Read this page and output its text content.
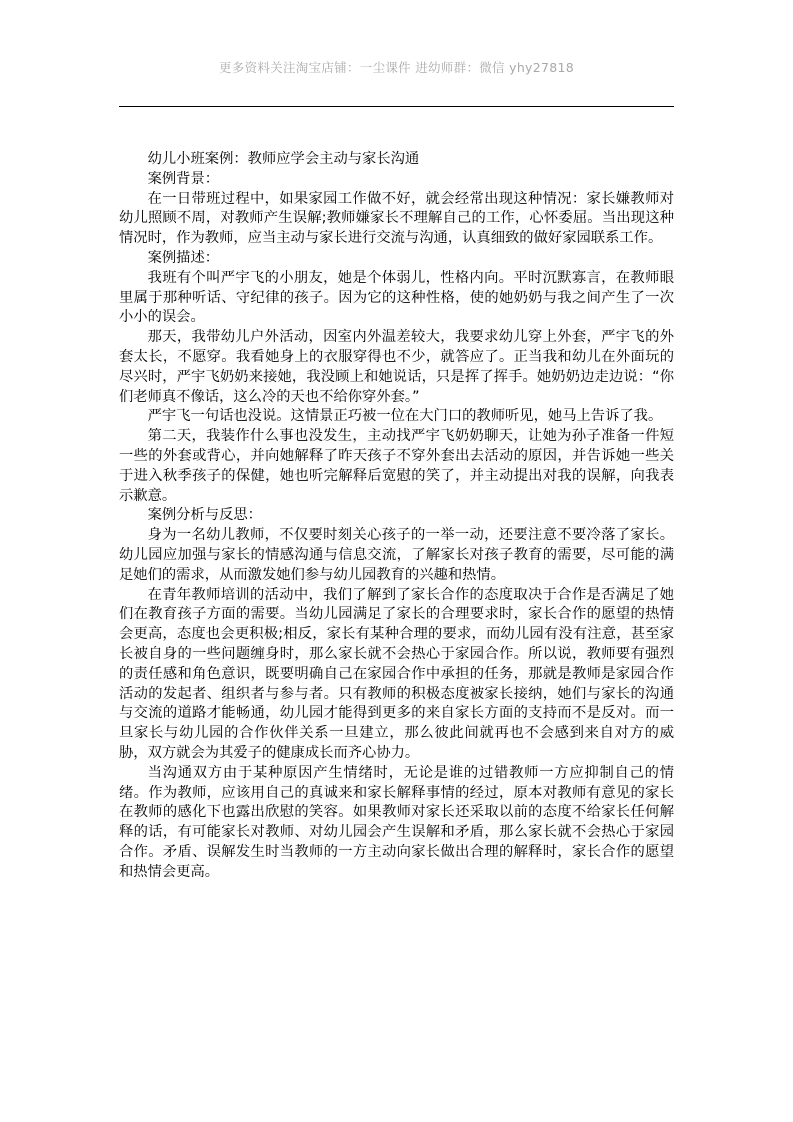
更多资料关注淘宝店铺：一尘课件 进幼师群：微信 yhy27818

幼儿小班案例：教师应学会主动与家长沟通

案例背景：

在一日带班过程中，如果家园工作做不好，就会经常出现这种情况：家长嫌教师对幼儿照顾不周，对教师产生误解;教师嫌家长不理解自己的工作，心怀委屈。当出现这种情况时，作为教师，应当主动与家长进行交流与沟通，认真细致的做好家园联系工作。

案例描述：

我班有个叫严宇飞的小朋友，她是个体弱儿，性格内向。平时沉默寡言，在教师眼里属于那种听话、守纪律的孩子。因为它的这种性格，使的她奶奶与我之间产生了一次小小的误会。

那天，我带幼儿户外活动，因室内外温差较大，我要求幼儿穿上外套，严宇飞的外套太长，不愿穿。我看她身上的衣服穿得也不少，就答应了。正当我和幼儿在外面玩的尽兴时，严宇飞奶奶来接她，我没顾上和她说话，只是挥了挥手。她奶奶边走边说：“你们老师真不像话，这么冷的天也不给你穿外套。”

严宇飞一句话也没说。这情景正巧被一位在大门口的教师听见，她马上告诉了我。

第二天，我装作什么事也没发生，主动找严宇飞奶奶聊天，让她为孙子准备一件短一些的外套或背心，并向她解释了昨天孩子不穿外套出去活动的原因，并告诉她一些关于进入秋季孩子的保健，她也听完解释后宽慰的笑了，并主动提出对我的误解，向我表示歉意。

案例分析与反思：

身为一名幼儿教师，不仅要时刻关心孩子的一举一动，还要注意不要冷落了家长。幼儿园应加强与家长的情感沟通与信息交流，了解家长对孩子教育的需要，尽可能的满足她们的需求，从而激发她们参与幼儿园教育的兴趣和热情。

在青年教师培训的活动中，我们了解到了家长合作的态度取决于合作是否满足了她们在教育孩子方面的需要。当幼儿园满足了家长的合理要求时，家长合作的愿望的热情会更高，态度也会更积极;相反，家长有某种合理的要求，而幼儿园有没有注意，甚至家长被自身的一些问题缠身时，那么家长就不会热心于家园合作。所以说，教师要有强烈的责任感和角色意识，既要明确自己在家园合作中承担的任务，那就是教师是家园合作活动的发起者、组织者与参与者。只有教师的积极态度被家长接纳，她们与家长的沟通与交流的道路才能畅通，幼儿园才能得到更多的来自家长方面的支持而不是反对。而一旦家长与幼儿园的合作伙伴关系一旦建立，那么彼此间就再也不会感到来自对方的威胁，双方就会为其爱子的健康成长而齐心协力。

当沟通双方由于某种原因产生情绪时，无论是谁的过错教师一方应抑制自己的情绪。作为教师，应该用自己的真诚来和家长解释事情的经过，原本对教师有意见的家长在教师的感化下也露出欣慰的笑容。如果教师对家长还采取以前的态度不给家长任何解释的话，有可能家长对教师、对幼儿园会产生误解和矛盾，那么家长就不会热心于家园合作。矛盾、误解发生时当教师的一方主动向家长做出合理的解释时，家长合作的愿望和热情会更高。
